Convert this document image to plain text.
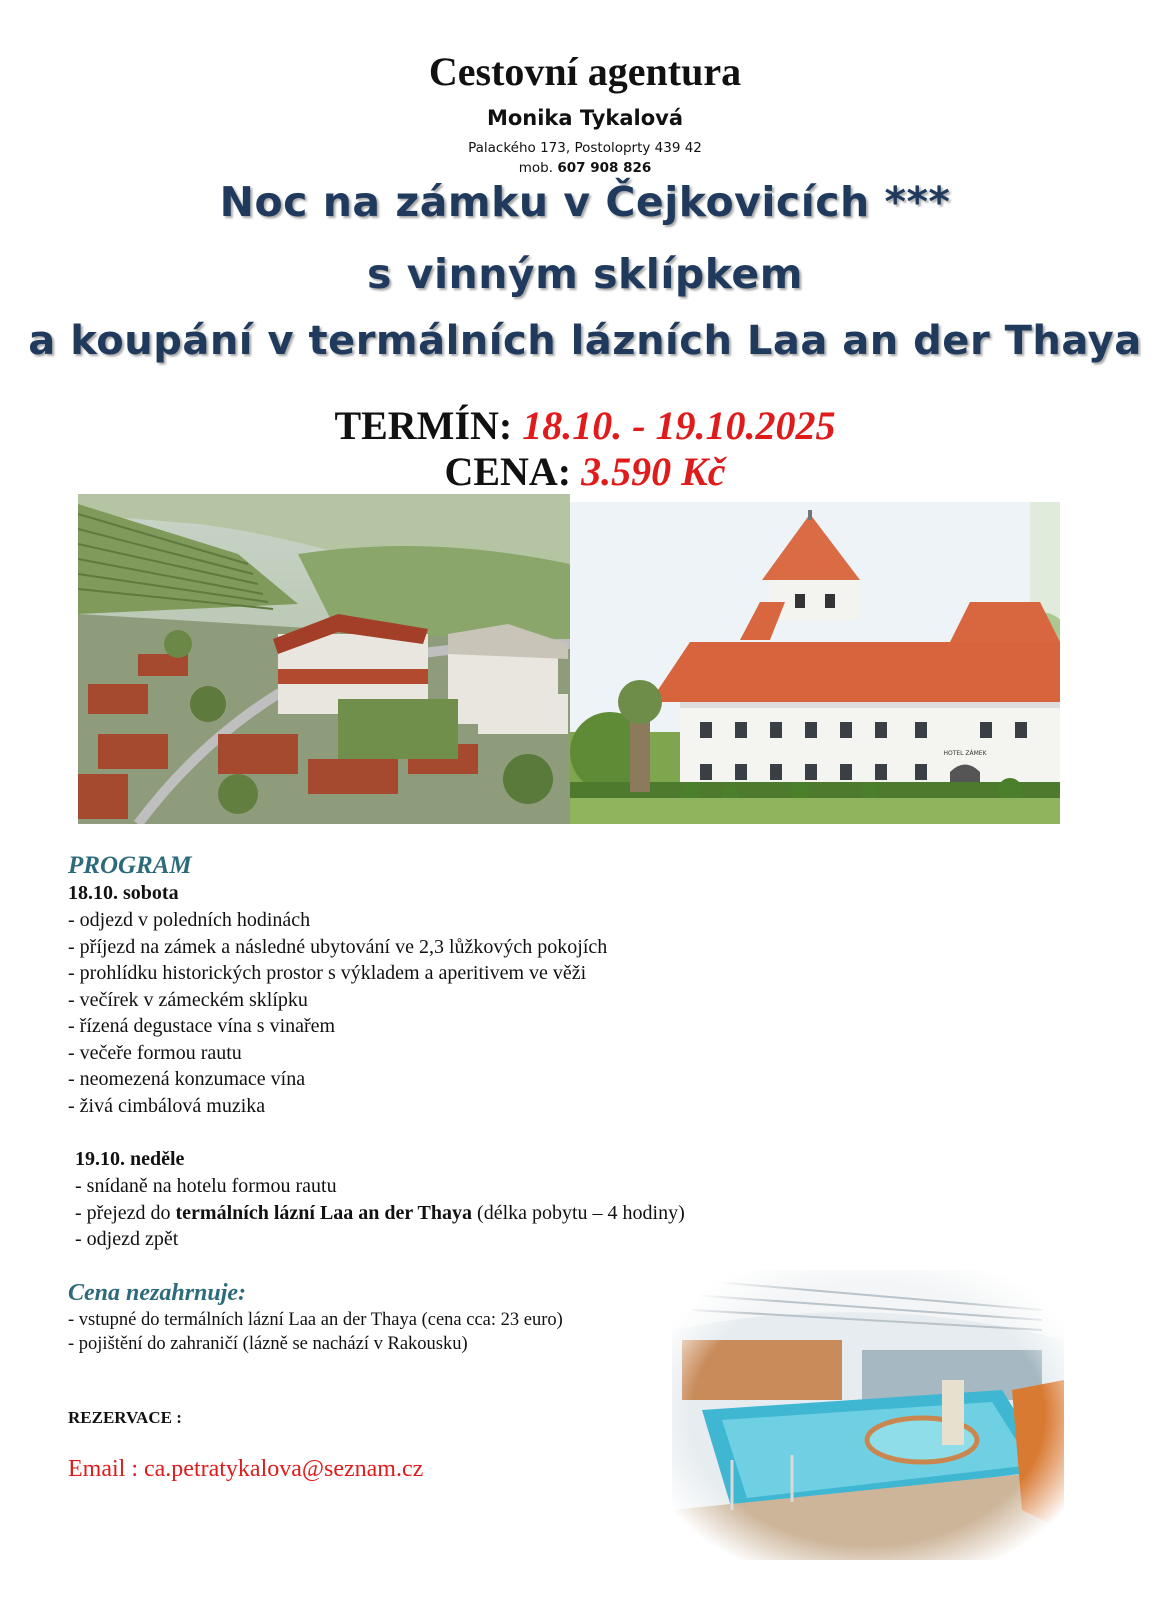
Cestovní agentura
Monika Tykalová
Palackého 173, Postoloprty 439 42
mob. 607 908 826
Noc na zámku v Čejkovicích ***
s vinným sklípkem
a koupání v termálních lázních Laa an der Thaya
TERMÍN: 18.10. - 19.10.2025
CENA: 3.590 Kč
HOTEL ZÁMEK
PROGRAM
18.10. sobota
- odjezd v poledních hodinách
- příjezd na zámek a následné ubytování ve 2,3 lůžkových pokojích
- prohlídku historických prostor s výkladem a aperitivem ve věži
- večírek v zámeckém sklípku
- řízená degustace vína s vinařem
- večeře formou rautu
- neomezená konzumace vína
- živá cimbálová muzika
19.10. neděle
- snídaně na hotelu formou rautu
- přejezd do termálních lázní Laa an der Thaya (délka pobytu – 4 hodiny)
- odjezd zpět
Cena nezahrnuje:
- vstupné do termálních lázní Laa an der Thaya (cena cca: 23 euro)
- pojištění do zahraničí (lázně se nachází v Rakousku)
REZERVACE :
Email : ca.petratykalova@seznam.cz
